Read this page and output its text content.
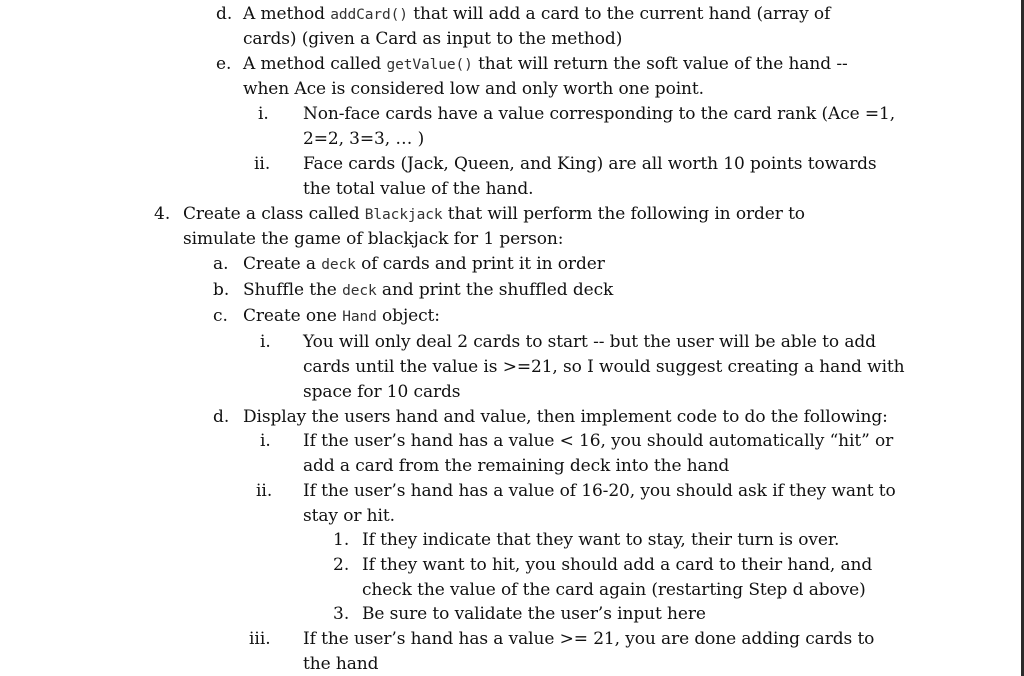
d. A method addCard() that will add a card to the current hand (array of
cards) (given a Card as input to the method)
e. A method called getValue() that will return the soft value of the hand --
when Ace is considered low and only worth one point.
i. Non-face cards have a value corresponding to the card rank (Ace =1,
2=2, 3=3, … )
ii. Face cards (Jack, Queen, and King) are all worth 10 points towards
the total value of the hand.
4. Create a class called Blackjack that will perform the following in order to
simulate the game of blackjack for 1 person:
a. Create a deck of cards and print it in order
b. Shuffle the deck and print the shuffled deck
c. Create one Hand object:
i. You will only deal 2 cards to start -- but the user will be able to add
cards until the value is >=21, so I would suggest creating a hand with
space for 10 cards
d. Display the users hand and value, then implement code to do the following:
i. If the user’s hand has a value < 16, you should automatically “hit” or
add a card from the remaining deck into the hand
ii. If the user’s hand has a value of 16-20, you should ask if they want to
stay or hit.
1. If they indicate that they want to stay, their turn is over.
2. If they want to hit, you should add a card to their hand, and
check the value of the card again (restarting Step d above)
3. Be sure to validate the user’s input here
iii. If the user’s hand has a value >= 21, you are done adding cards to
the hand
